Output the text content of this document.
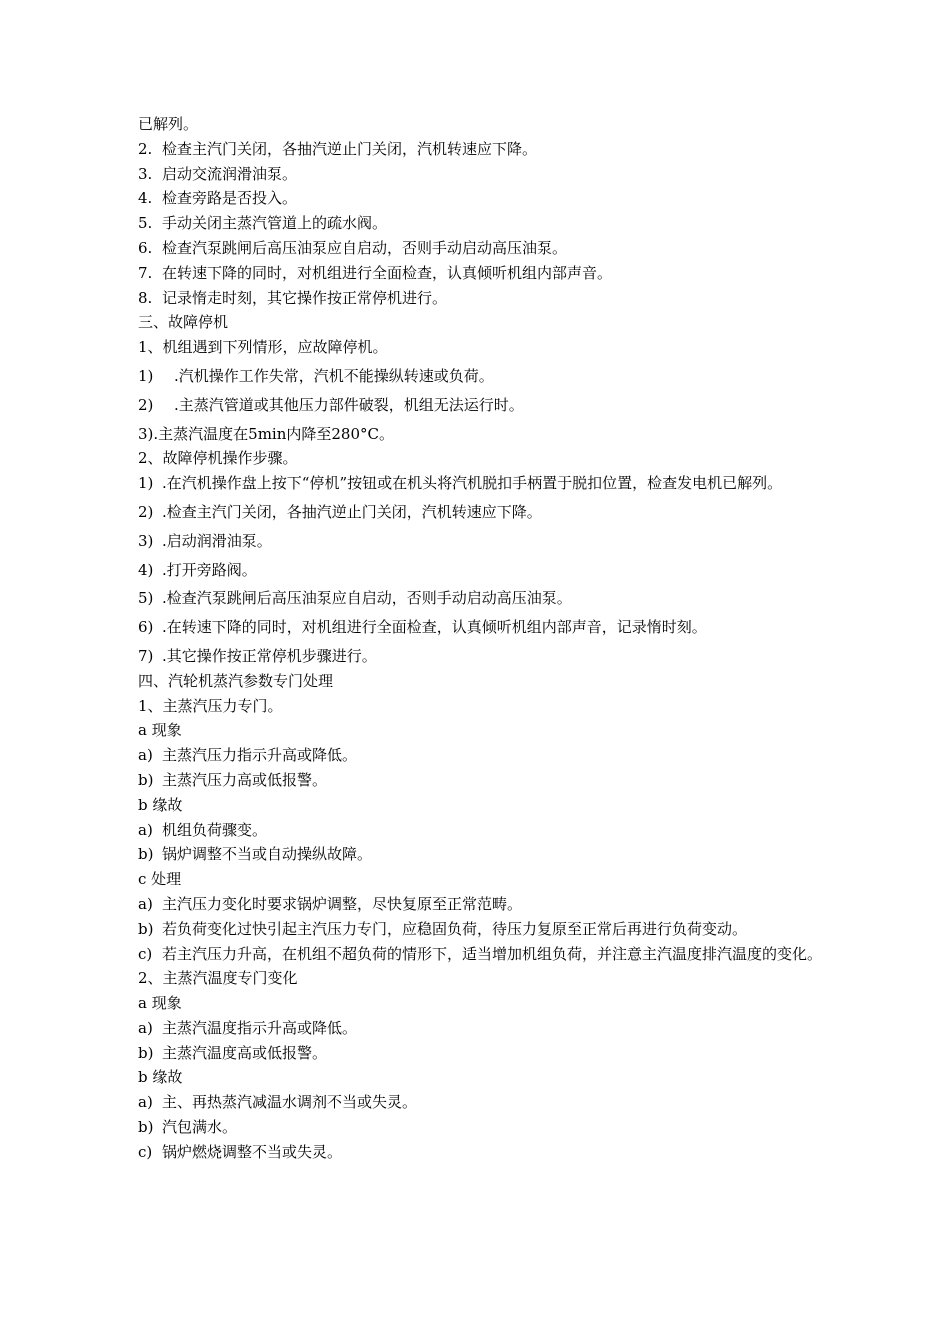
已解列。
2. 检查主汽门关闭，各抽汽逆止门关闭，汽机转速应下降。
3. 启动交流润滑油泵。
4. 检查旁路是否投入。
5. 手动关闭主蒸汽管道上的疏水阀。
6. 检查汽泵跳闸后高压油泵应自启动，否则手动启动高压油泵。
7. 在转速下降的同时，对机组进行全面检查，认真倾听机组内部声音。
8. 记录惰走时刻，其它操作按正常停机进行。
三、故障停机
1、机组遇到下列情形，应故障停机。
1) .汽机操作工作失常，汽机不能操纵转速或负荷。
2) .主蒸汽管道或其他压力部件破裂，机组无法运行时。
3).主蒸汽温度在5min内降至280°C。
2、故障停机操作步骤。
1) .在汽机操作盘上按下“停机”按钮或在机头将汽机脱扣手柄置于脱扣位置，检查发电机已解列。
2) .检查主汽门关闭，各抽汽逆止门关闭，汽机转速应下降。
3) .启动润滑油泵。
4) .打开旁路阀。
5) .检查汽泵跳闸后高压油泵应自启动，否则手动启动高压油泵。
6) .在转速下降的同时，对机组进行全面检查，认真倾听机组内部声音，记录惰时刻。
7) .其它操作按正常停机步骤进行。
四、汽轮机蒸汽参数专门处理
1、主蒸汽压力专门。
a 现象
a) 主蒸汽压力指示升高或降低。
b) 主蒸汽压力高或低报警。
b 缘故
a) 机组负荷骤变。
b) 锅炉调整不当或自动操纵故障。
c 处理
a) 主汽压力变化时要求锅炉调整，尽快复原至正常范畴。
b) 若负荷变化过快引起主汽压力专门，应稳固负荷，待压力复原至正常后再进行负荷变动。
c) 若主汽压力升高，在机组不超负荷的情形下，适当增加机组负荷，并注意主汽温度排汽温度的变化。
2、主蒸汽温度专门变化
a 现象
a) 主蒸汽温度指示升高或降低。
b) 主蒸汽温度高或低报警。
b 缘故
a) 主、再热蒸汽减温水调剂不当或失灵。
b) 汽包满水。
c) 锅炉燃烧调整不当或失灵。
